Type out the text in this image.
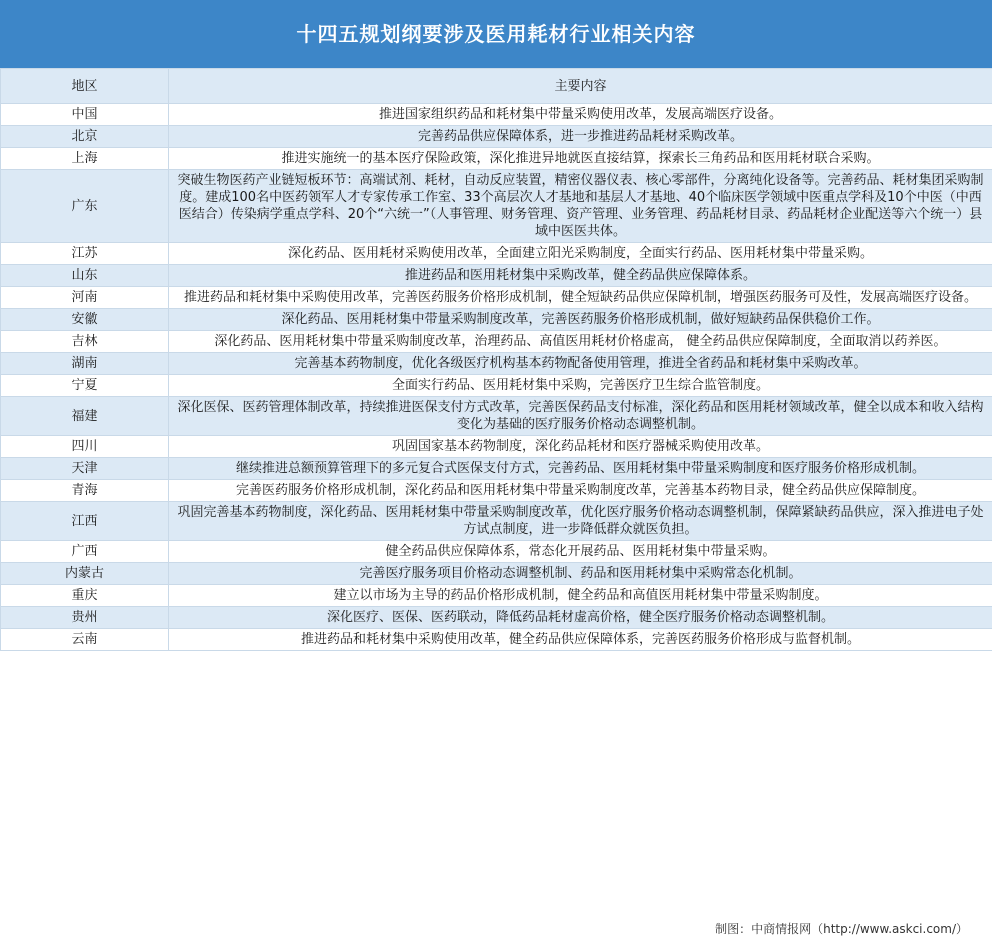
十四五规划纲要涉及医用耗材行业相关内容
地区	主要内容
中国	推进国家组织药品和耗材集中带量采购使用改革，发展高端医疗设备。
北京	完善药品供应保障体系，进一步推进药品耗材采购改革。
上海	推进实施统一的基本医疗保险政策，深化推进异地就医直接结算，探索长三角药品和医用耗材联合采购。
广东	突破生物医药产业链短板环节：高端试剂、耗材，自动反应装置，精密仪器仪表、核心零部件，分离纯化设备等。完善药品、耗材集团采购制度。建成100名中医药领军人才专家传承工作室、33个高层次人才基地和基层人才基地、40个临床医学领域中医重点学科及10个中医（中西医结合）传染病学重点学科、20个“六统一”（人事管理、财务管理、资产管理、业务管理、药品耗材目录、药品耗材企业配送等六个统一）县域中医医共体。
江苏	深化药品、医用耗材采购使用改革，全面建立阳光采购制度，全面实行药品、医用耗材集中带量采购。
山东	推进药品和医用耗材集中采购改革，健全药品供应保障体系。
河南	推进药品和耗材集中采购使用改革，完善医药服务价格形成机制，健全短缺药品供应保障机制，增强医药服务可及性，发展高端医疗设备。
安徽	深化药品、医用耗材集中带量采购制度改革，完善医药服务价格形成机制，做好短缺药品保供稳价工作。
吉林	深化药品、医用耗材集中带量采购制度改革，治理药品、高值医用耗材价格虚高， 健全药品供应保障制度，全面取消以药养医。
湖南	完善基本药物制度，优化各级医疗机构基本药物配备使用管理，推进全省药品和耗材集中采购改革。
宁夏	全面实行药品、医用耗材集中采购，完善医疗卫生综合监管制度。
福建	深化医保、医药管理体制改革，持续推进医保支付方式改革，完善医保药品支付标准，深化药品和医用耗材领域改革，健全以成本和收入结构变化为基础的医疗服务价格动态调整机制。
四川	巩固国家基本药物制度，深化药品耗材和医疗器械采购使用改革。
天津	继续推进总额预算管理下的多元复合式医保支付方式，完善药品、医用耗材集中带量采购制度和医疗服务价格形成机制。
青海	完善医药服务价格形成机制，深化药品和医用耗材集中带量采购制度改革，完善基本药物目录，健全药品供应保障制度。
江西	巩固完善基本药物制度，深化药品、医用耗材集中带量采购制度改革，优化医疗服务价格动态调整机制，保障紧缺药品供应，深入推进电子处方试点制度，进一步降低群众就医负担。
广西	健全药品供应保障体系，常态化开展药品、医用耗材集中带量采购。
内蒙古	完善医疗服务项目价格动态调整机制、药品和医用耗材集中采购常态化机制。
重庆	建立以市场为主导的药品价格形成机制，健全药品和高值医用耗材集中带量采购制度。
贵州	深化医疗、医保、医药联动，降低药品耗材虚高价格，健全医疗服务价格动态调整机制。
云南	推进药品和耗材集中采购使用改革，健全药品供应保障体系，完善医药服务价格形成与监督机制。
制图：中商情报网（http://www.askci.com/）
